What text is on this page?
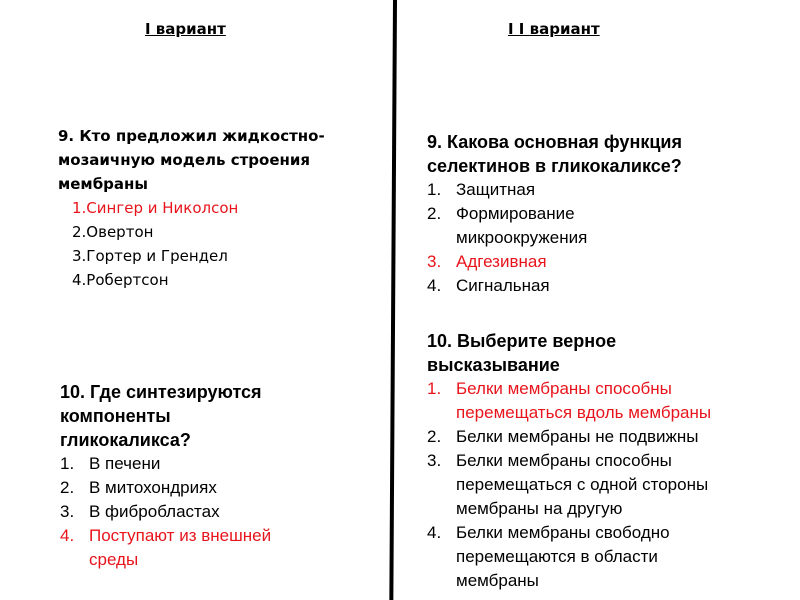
I вариант	I I вариант
9. Кто предложил жидкостно-
мозаичную модель строения
мембраны
1.Сингер и Николсон
2.Овертон
3.Гортер и Грендел
4.Робертсон
10. Где синтезируются
компоненты
гликокаликса?
1. В печени
2. В митохондриях
3. В фибробластах
4. Поступают из внешней
среды
9. Какова основная функция
селектинов в гликокаликсе?
1. Защитная
2. Формирование
микроокружения
3. Адгезивная
4. Сигнальная
10. Выберите верное
высказывание
1. Белки мембраны способны
перемещаться вдоль мембраны
2. Белки мембраны не подвижны
3. Белки мембраны способны
перемещаться с одной стороны
мембраны на другую
4. Белки мембраны свободно
перемещаются в области
мембраны
